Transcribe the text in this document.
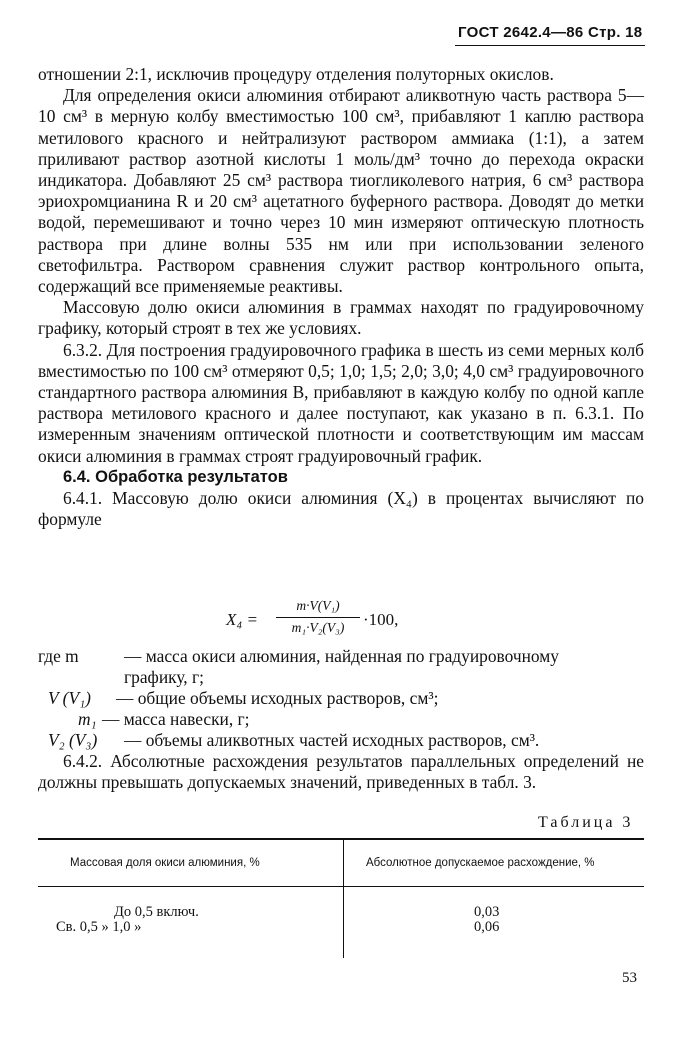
ГОСТ 2642.4—86 Стр. 18

отношении 2:1, исключив процедуру отделения полуторных окислов.

Для определения окиси алюминия отбирают аликвотную часть раствора 5—10 см³ в мерную колбу вместимостью 100 см³, прибавляют 1 каплю раствора метилового красного и нейтрализуют раствором аммиака (1:1), а затем приливают раствор азотной кислоты 1 моль/дм³ точно до перехода окраски индикатора. Добавляют 25 см³ раствора тиогликолевого натрия, 6 см³ раствора эриохромцианина R и 20 см³ ацетатного буферного раствора. Доводят до метки водой, перемешивают и точно через 10 мин измеряют оптическую плотность раствора при длине волны 535 нм или при использовании зеленого светофильтра. Раствором сравнения служит раствор контрольного опыта, содержащий все применяемые реактивы.

Массовую долю окиси алюминия в граммах находят по градуировочному графику, который строят в тех же условиях.

6.3.2. Для построения градуировочного графика в шесть из семи мерных колб вместимостью по 100 см³ отмеряют 0,5; 1,0; 1,5; 2,0; 3,0; 4,0 см³ градуировочного стандартного раствора алюминия В, прибавляют в каждую колбу по одной капле раствора метилового красного и далее поступают, как указано в п. 6.3.1. По измеренным значениям оптической плотности и соответствующим им массам окиси алюминия в граммах строят градуировочный график.

6.4. Обработка результатов

6.4.1. Массовую долю окиси алюминия (X₄) в процентах вычисляют по формуле

X₄ =
m·V(V₁)
m₁·V₂(V₃)	·100,
где m	— масса окиси алюминия, найденная по градуировочному
графику, г;
V (V₁) — общие объемы исходных растворов, см³;
m₁ — масса навески, г;
V₂ (V₃) — объемы аликвотных частей исходных растворов, см³.
6.4.2. Абсолютные расхождения результатов параллельных определений не должны превышать допускаемых значений, приведенных в табл. 3.
Таблица 3
Массовая доля окиси алюминия, %	Абсолютное допускаемое расхождение, %
До 0,5 включ.	0,03
Св. 0,5 » 1,0 »	0,06
53
